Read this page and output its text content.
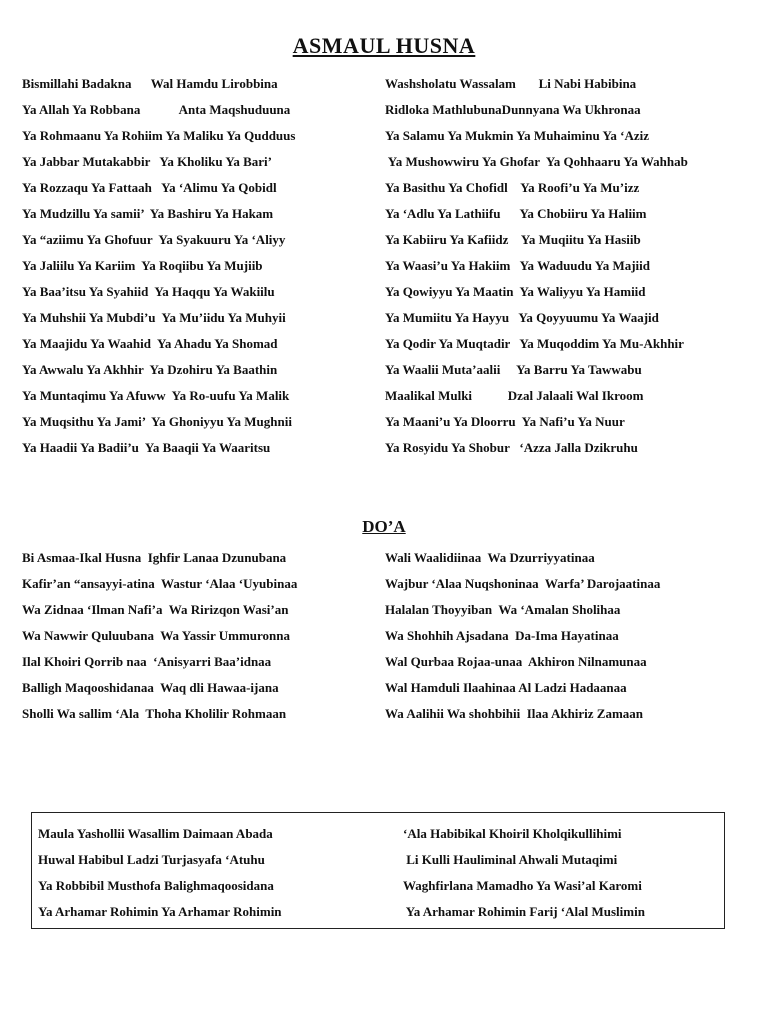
ASMAUL HUSNA
Bismillahi Badakna      Wal Hamdu Lirobbina	Washsholatu Wassalam       Li Nabi Habibina
Ya Allah Ya Robbana            Anta Maqshuduuna	Ridloka MathlubunaDunnyana Wa Ukhronaa
Ya Rohmaanu Ya Rohiim Ya Maliku Ya Qudduus	Ya Salamu Ya Mukmin Ya Muhaiminu Ya ‘Aziz
Ya Jabbar Mutakabbir   Ya Kholiku Ya Bari’	Ya Mushowwiru Ya Ghofar  Ya Qohhaaru Ya Wahhab
Ya Rozzaqu Ya Fattaah   Ya ‘Alimu Ya Qobidl	Ya Basithu Ya Chofidl    Ya Roofi’u Ya Mu’izz
Ya Mudzillu Ya samii’  Ya Bashiru Ya Hakam	Ya ‘Adlu Ya Lathiifu      Ya Chobiiru Ya Haliim
Ya “aziimu Ya Ghofuur  Ya Syakuuru Ya ‘Aliyy	Ya Kabiiru Ya Kafiidz    Ya Muqiitu Ya Hasiib
Ya Jaliilu Ya Kariim  Ya Roqiibu Ya Mujiib	Ya Waasi’u Ya Hakiim   Ya Waduudu Ya Majiid
Ya Baa’itsu Ya Syahiid  Ya Haqqu Ya Wakiilu	Ya Qowiyyu Ya Maatin  Ya Waliyyu Ya Hamiid
Ya Muhshii Ya Mubdi’u  Ya Mu’iidu Ya Muhyii	Ya Mumiitu Ya Hayyu   Ya Qoyyuumu Ya Waajid
Ya Maajidu Ya Waahid  Ya Ahadu Ya Shomad	Ya Qodir Ya Muqtadir   Ya Muqoddim Ya Mu-Akhhir
Ya Awwalu Ya Akhhir  Ya Dzohiru Ya Baathin	Ya Waalii Muta’aalii     Ya Barru Ya Tawwabu
Ya Muntaqimu Ya Afuww  Ya Ro-uufu Ya Malik	Maalikal Mulki           Dzal Jalaali Wal Ikroom
Ya Muqsithu Ya Jami’  Ya Ghoniyyu Ya Mughnii	Ya Maani’u Ya Dloorru  Ya Nafi’u Ya Nuur
Ya Haadii Ya Badii’u  Ya Baaqii Ya Waaritsu	Ya Rosyidu Ya Shobur   ‘Azza Jalla Dzikruhu
DO’A
Bi Asmaa-Ikal Husna  Ighfir Lanaa Dzunubana	Wali Waalidiinaa  Wa Dzurriyyatinaa
Kafir’an “ansayyi-atina  Wastur ‘Alaa ‘Uyubinaa	Wajbur ‘Alaa Nuqshoninaa  Warfa’ Darojaatinaa
Wa Zidnaa ‘Ilman Nafi’a  Wa Ririzqon Wasi’an	Halalan Thoyyiban  Wa ‘Amalan Sholihaa
Wa Nawwir Quluubana  Wa Yassir Ummuronna	Wa Shohhih Ajsadana  Da-Ima Hayatinaa
Ilal Khoiri Qorrib naa  ‘Anisyarri Baa’idnaa	Wal Qurbaa Rojaa-unaa  Akhiron Nilnamunaa
Balligh Maqooshidanaa  Waq dli Hawaa-ijana	Wal Hamduli Ilaahinaa Al Ladzi Hadaanaa
Sholli Wa sallim ‘Ala  Thoha Kholilir Rohmaan	Wa Aalihii Wa shohbihii  Ilaa Akhiriz Zamaan
Maula Yashollii Wasallim Daimaan Abada	‘Ala Habibikal Khoiril Kholqikullihimi
Huwal Habibul Ladzi Turjasyafa ‘Atuhu	Li Kulli Hauliminal Ahwali Mutaqimi
Ya Robbibil Musthofa Balighmaqoosidana	Waghfirlana Mamadho Ya Wasi’al Karomi
Ya Arhamar Rohimin Ya Arhamar Rohimin	Ya Arhamar Rohimin Farij ‘Alal Muslimin
